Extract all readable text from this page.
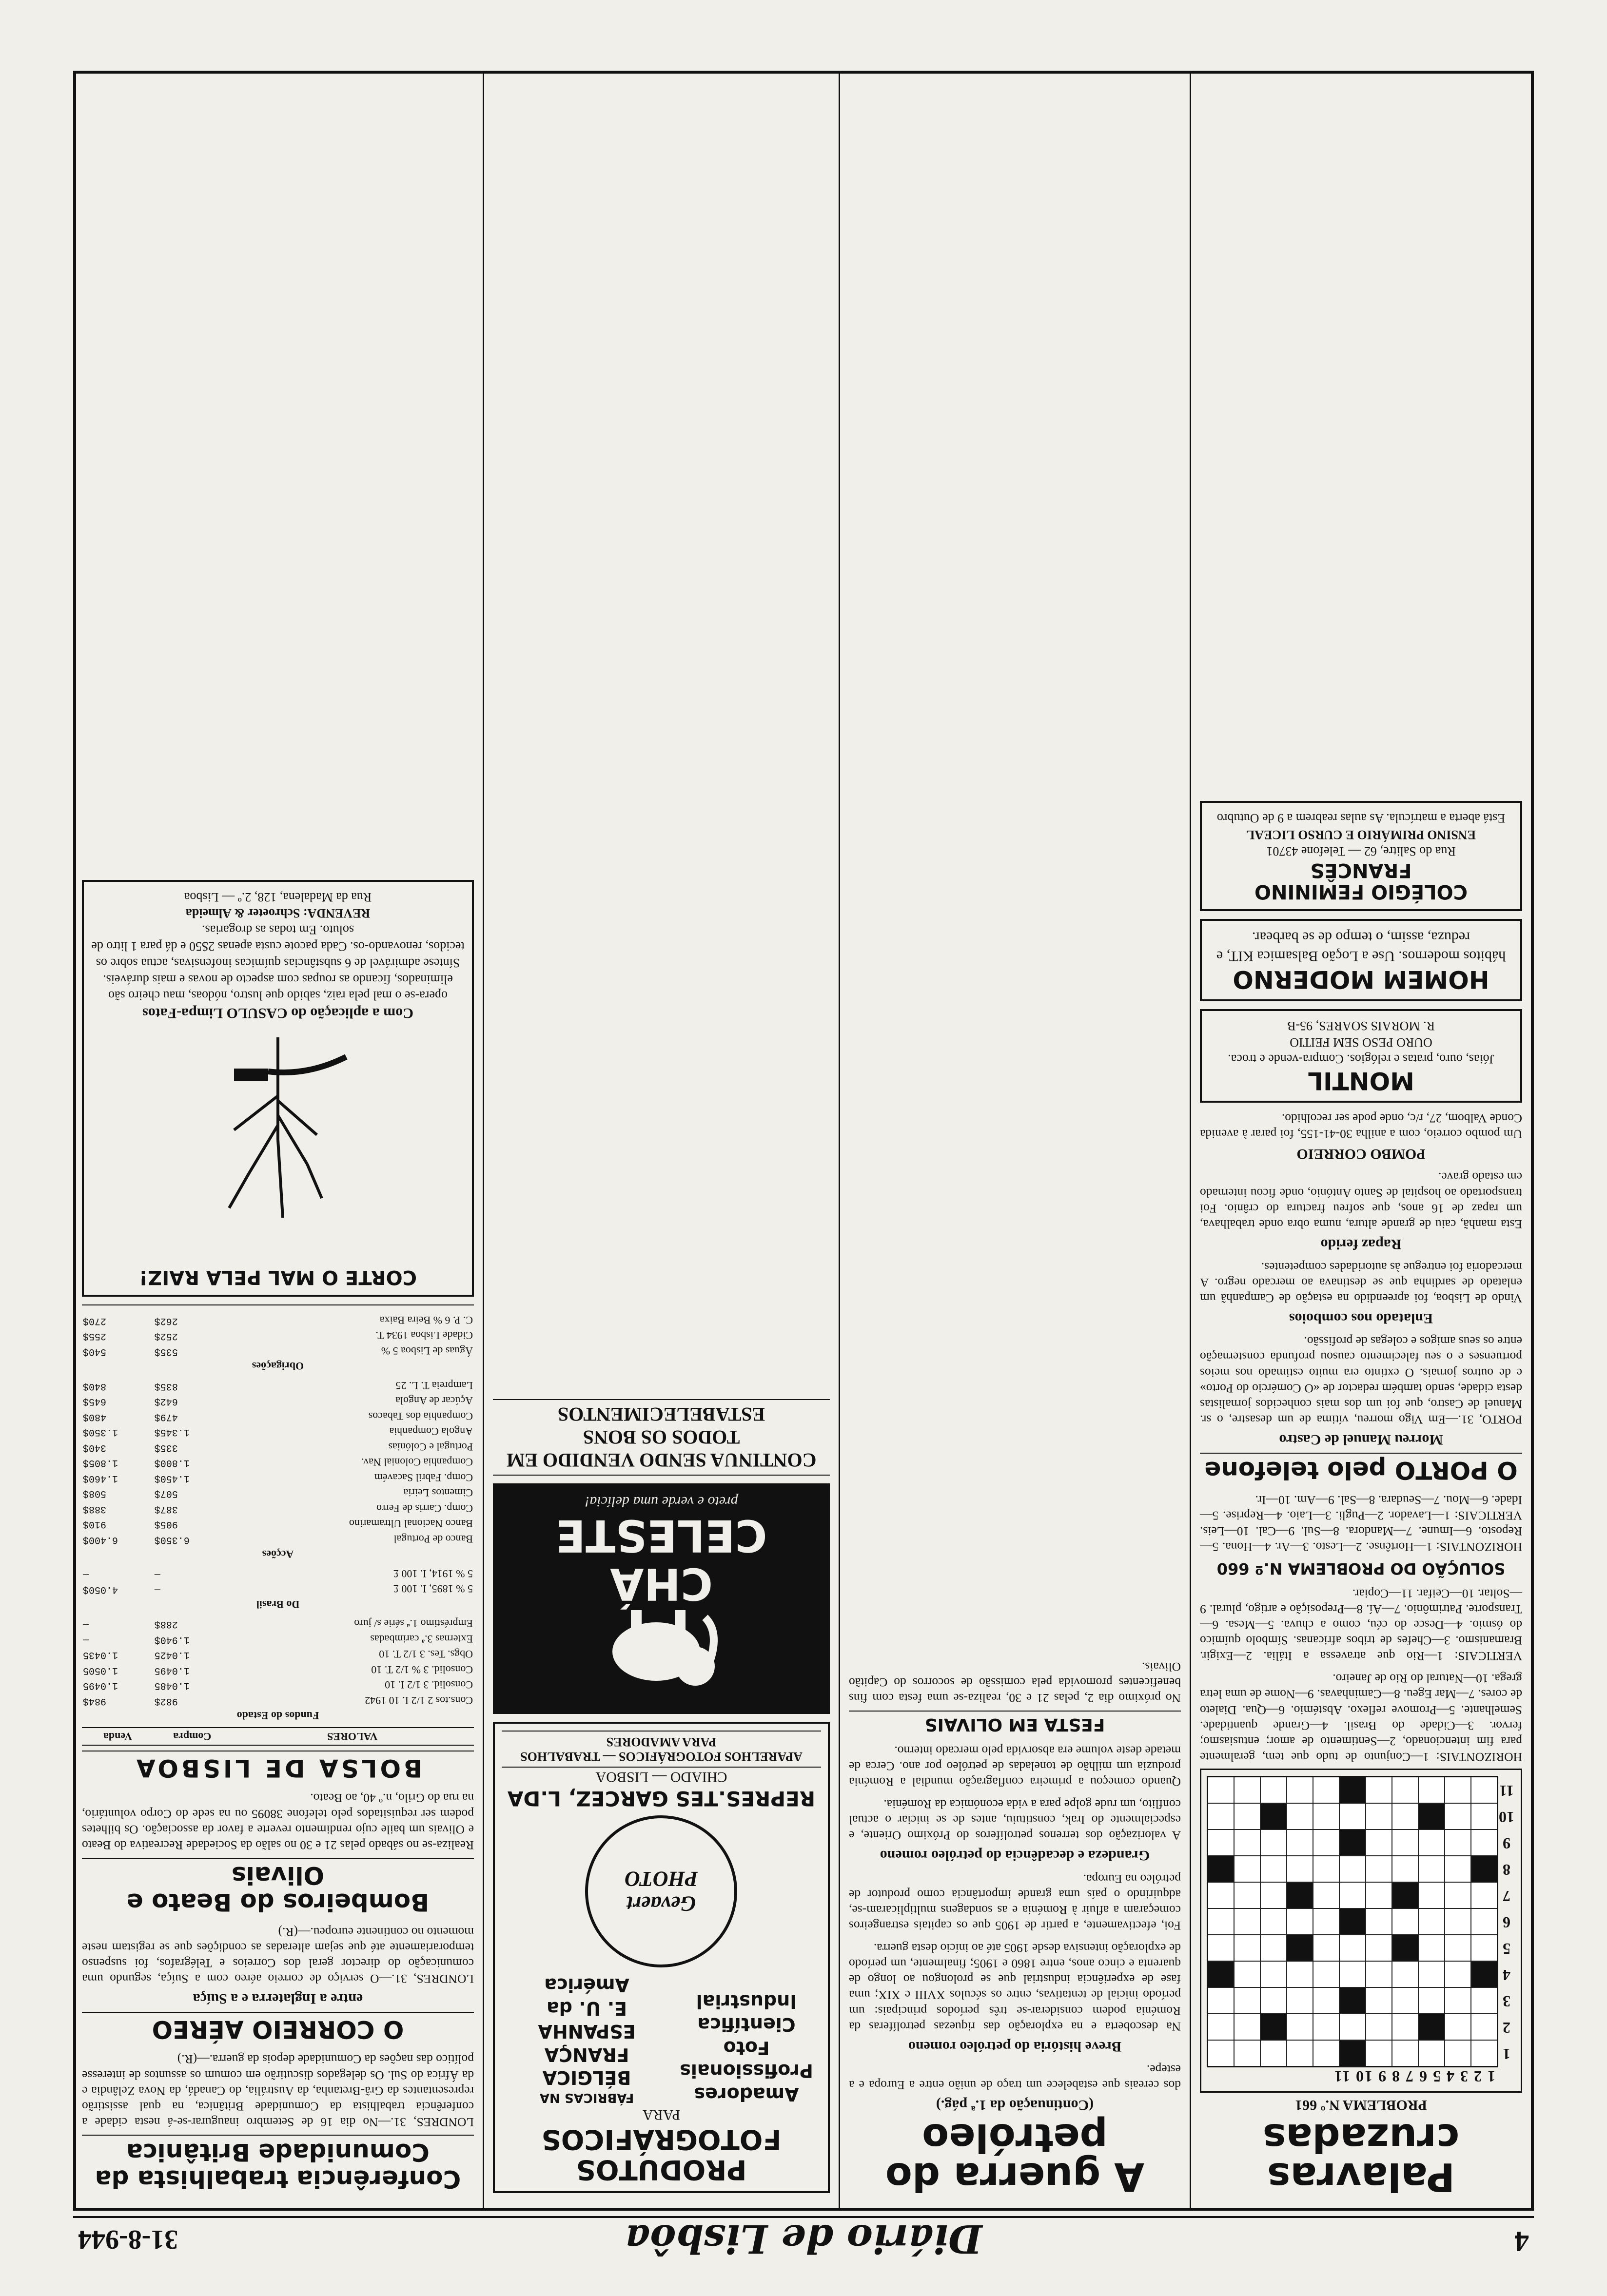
4
Diário de Lisbôa
31-8-944
Palavras cruzadas
PROBLEMA N.º 661
1 2 3 4 5 6 7 8 9 10 11
1
2
3
4
5
6
7
8
9
10
11

HORIZONTAIS: 1—Conjunto de tudo que tem, geralmente para fim intencionado, 2—Sentimento de amor; entusiasmo; fervor. 3—Cidade do Brasil. 4—Grande quantidade. Semelhante. 5—Promove reflexo. Abstémio. 6—Qua. Dialeto de cores. 7—Mar Egeu. 8—Caminhavas. 9—Nome de uma letra grega. 10—Natural do Rio de Janeiro.

VERTICAIS: 1—Rio que atravessa a Itália. 2—Exigir. Bramanismo. 3—Chefes de tribos africanas. Símbolo químico do ósmio. 4—Desce do céu, como a chuva. 5—Mesa. 6—Transporte. Patrimônio. 7—Aí. 8—Preposição e artigo, plural. 9—Soltar. 10—Ceifar. 11—Copiar.

SOLUÇÃO DO PROBLEMA N.º 660

HORIZONTAIS: 1—Hortênse. 2—Lesto. 3—Ar. 4—Hona. 5—Reposto. 6—Imune. 7—Mandora. 8—Sul. 9—Cal. 10—Leis. VERTICAIS: 1—Lavador. 2—Pugli. 3—Laio. 4—Reprise. 5—Idade. 6—Mou. 7—Seudara. 8—Sal. 9—Am. 10—Ir.

O PORTO pelo telefone
Morreu Manuel de Castro

PORTO, 31.—Em Vigo morreu, vítima de um desastre, o sr. Manuel de Castro, que foi um dos mais conhecidos jornalistas desta cidade, sendo também redactor de «O Comércio do Porto» e de outros jornais. O extinto era muito estimado nos meios portuenses e o seu falecimento causou profunda consternação entre os seus amigos e colegas de profissão.

Enlatado nos comboios

Vindo de Lisboa, foi apreendido na estação de Campanhã um enlatado de sardinha que se destinava ao mercado negro. A mercadoria foi entregue às autoridades competentes.

Rapaz ferido

Esta manhã, caiu de grande altura, numa obra onde trabalhava, um rapaz de 16 anos, que sofreu fractura do crânio. Foi transportado ao hospital de Santo António, onde ficou internado em estado grave.

POMBO CORREIO

Um pombo correio, com a anilha 30-41-155, foi parar à avenida Conde Valbom, 27, r/c, onde pode ser recolhido.

MONTIL
Jóias, ouro, pratas e relógios. Compra-vende e troca. OURO PESO SEM FEITIO
R. MORAIS SOARES, 95-B
HOMEM MODERNO
hábitos modernos. Use a Loção Balsamica KIT, e reduza, assim, o tempo de se barbear.
COLÉGIO FEMININO FRANCÊS
Rua do Salitre, 62 — Telefone 43701
ENSINO PRIMÁRIO E CURSO LICEAL
Está aberta a matrícula. As aulas reabrem a 9 de Outubro
A guerra do petróleo
(Continuação da 1.ª pág.)

dos cereais que estabelece um traço de união entre a Europa e a estepe.

Breve história do petróleo romeno

Na descoberta e na exploração das riquezas petrolíferas da Roménia podem considerar-se três períodos principais: um período inicial de tentativas, entre os séculos XVIII e XIX; uma fase de experiência industrial que se prolongou ao longo de quarenta e cinco anos, entre 1860 e 1905; finalmente, um período de exploração intensiva desde 1905 até ao início desta guerra.

Foi, efectivamente, a partir de 1905 que os capitais estrangeiros começaram a afluir à Roménia e as sondagens multiplicaram-se, adquirindo o país uma grande importância como produtor de petróleo na Europa.

Grandeza e decadência do petróleo romeno

A valorização dos terrenos petrolíferos do Próximo Oriente, e especialmente do Irak, constituiu, antes de se iniciar o actual conflito, um rude golpe para a vida económica da Roménia.

Quando começou a primeira conflagração mundial a Roménia produzia um milhão de toneladas de petróleo por ano. Cerca de metade deste volume era absorvida pelo mercado interno.

FESTA EM OLIVAIS

No próximo dia 2, pelas 21 e 30, realiza-se uma festa com fins beneficentes promovida pela comissão de socorros do Capitão Olivais.

PRODUTOS FOTOGRÁFICOS
PARA
Amadores
Profissionais
Foto Científica
Industrial
FÁBRICAS NA
BÉLGICA
FRANÇA
ESPANHA
E. U. da América
Gevaert PHOTO
REPRES.TES GARCEZ, L.DA
CHIADO — LISBOA
APARELHOS FOTOGRÁFICOS — TRABALHOS PARA AMADORES
CHÁ CELESTE
preto e verde uma delícia!
CONTINUA SENDO VENDIDO EM TODOS OS BONS ESTABELECIMENTOS
Conferência trabalhista da Comunidade Britânica

LONDRES, 31.—No dia 16 de Setembro inaugurar-se-á nesta cidade a conferência trabalhista da Comunidade Britânica, na qual assistirão representantes da Grã-Bretanha, da Austrália, do Canadá, da Nova Zelândia e da África do Sul. Os delegados discutirão em comum os assuntos de interesse político das nações da Comunidade depois da guerra.—(R.)

O CORREIO AÉREO
entre a Inglaterra e a Suíça

LONDRES, 31.—O serviço de correio aéreo com a Suíça, segundo uma comunicação do director geral dos Correios e Telégrafos, foi suspenso temporariamente até que sejam alteradas as condições que se registam neste momento no continente europeu.—(R.)

Bombeiros do Beato e Olivais

Realiza-se no sábado pelas 21 e 30 no salão da Sociedade Recreativa do Beato e Olivais um baile cujo rendimento reverte a favor da associação. Os bilhetes podem ser requisitados pelo telefone 38095 ou na sede do Corpo voluntário, na rua do Grilo, n.º 40, ao Beato.

BOLSA DE LISBOA
VALORES	Compra	Venda
Fundos do Estado		
Cons.tos 2 1/2 I. 10 1942	982$	984$
Consolid. 3 1/2 I. 10	1.0485	1.0495
Consolid. 3 % 1/2 T. 10	1.0495	1.0505
Obgs. Tes. 3 1/2 T. 10	1.0425	1.0435
Externas 3.ª carimbadas	1.940$	—
Empréstimo 1.ª série s/ juro	288$	—
Do Brasil		
5 % 1895, I. 100 £	—	4.050$
5 % 1914, I. 100 £	—	—
Acções		
Banco de Portugal	6.350$	6.400$
Banco Nacional Ultramarino	905$	910$
Comp. Carris de Ferro	387$	388$
Cimentos Leiria	507$	508$
Comp. Fabril Sacavém	1.450$	1.460$
Companhia Colonial Nav.	1.800$	1.805$
Portugal e Colónias	335$	340$
Angola Companhia	1.345$	1.350$
Companhia dos Tabacos	479$	480$
Açúcar de Angola	642$	645$
Lampreia T. L. 25	835$	840$
Obrigações		
Águas de Lisboa 5 %	535$	540$
Cidade Lisboa 1934 T.	252$	255$
C. P. 6 % Beira Baixa	262$	270$
CORTE O MAL PELA RAIZ!
Com a aplicação do CASULO Limpa-Fatos
opera-se o mal pela raiz, sabido que lustro, nódoas, mau cheiro são eliminados, ficando as roupas com aspecto de novas e mais duráveis. Síntese admirável de 6 substâncias químicas inofensivas, actua sobre os tecidos, renovando-os. Cada pacote custa apenas 2$50 e dá para 1 litro de soluto. Em todas as drogarias.
REVENDA: Schroeter & Almeida
Rua da Madalena, 128, 2.º — Lisboa
